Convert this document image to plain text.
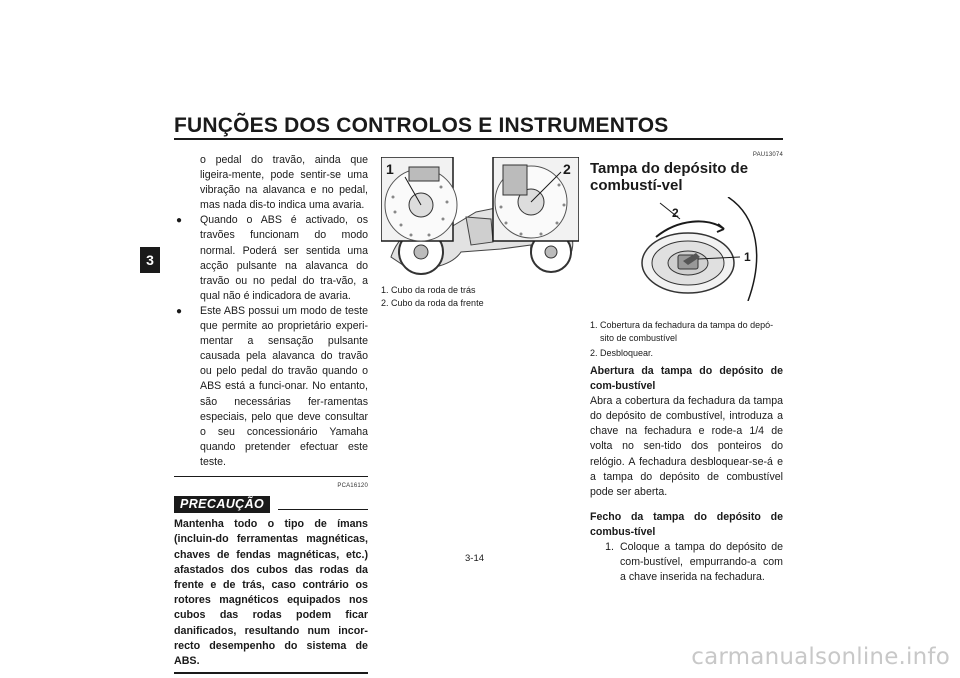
FUNÇÕES DOS CONTROLOS E INSTRUMENTOS
3

o pedal do travão, ainda que ligeira-mente, pode sentir-se uma vibração na alavanca e no pedal, mas nada dis-to indica uma avaria.

●	Quando o ABS é activado, os travões funcionam do modo normal. Poderá ser sentida uma acção pulsante na alavanca do travão ou no pedal do tra-vão, a qual não é indicadora de avaria.
●	Este ABS possui um modo de teste que permite ao proprietário experi-mentar a sensação pulsante causada pela alavanca do travão ou pelo pedal do travão quando o ABS está a funci-onar. No entanto, são necessárias fer-ramentas especiais, pelo que deve consultar o seu concessionário Yamaha quando pretender efectuar este teste.
PCA16120
PRECAUÇÃO
Mantenha todo o tipo de ímans (incluin-do ferramentas magnéticas, chaves de fendas magnéticas, etc.) afastados dos cubos das rodas da frente e de trás, caso contrário os rotores magnéticos equipados nos cubos das rodas podem ficar danificados, resultando num incor-recto desempenho do sistema de ABS.
1	2
1. Cubo da roda de trás
2. Cubo da roda da frente
PAU13074
Tampa do depósito de combustí-vel
2
1
1. Cobertura da fechadura da tampa do depó-sito de combustível
2. Desbloquear.
Abertura da tampa do depósito de com-bustível
Abra a cobertura da fechadura da tampa do depósito de combustível, introduza a chave na fechadura e rode-a 1/4 de volta no sen-tido dos ponteiros do relógio. A fechadura desbloquear-se-á e a tampa do depósito de combustível pode ser aberta.
Fecho da tampa do depósito de combus-tível
1. Coloque a tampa do depósito de com-bustível, empurrando-a com a chave inserida na fechadura.
3-14
carmanualsonline.info
